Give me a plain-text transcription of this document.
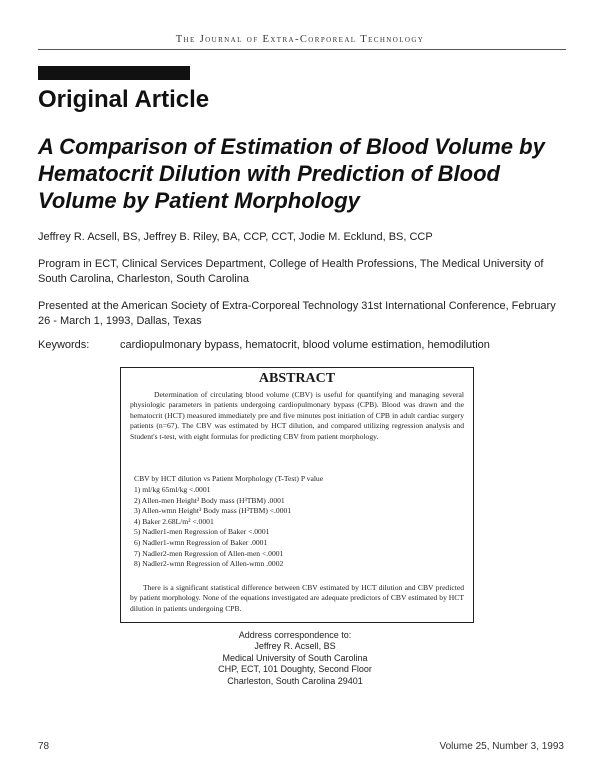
The Journal of Extra-Corporeal Technology
Original Article
A Comparison of Estimation of Blood Volume by Hematocrit Dilution with Prediction of Blood Volume by Patient Morphology
Jeffrey R. Acsell, BS, Jeffrey B. Riley, BA, CCP, CCT, Jodie M. Ecklund, BS, CCP
Program in ECT, Clinical Services Department, College of Health Professions, The Medical University of South Carolina, Charleston, South Carolina
Presented at the American Society of Extra-Corporeal Technology 31st International Conference, February 26 - March 1, 1993, Dallas, Texas
Keywords:	cardiopulmonary bypass, hematocrit, blood volume estimation, hemodilution
ABSTRACT
Determination of circulating blood volume (CBV) is useful for quantifying and managing several physiologic parameters in patients undergoing cardiopulmonary bypass (CPB). Blood was drawn and the hematocrit (HCT) measured immediately pre and five minutes post initiation of CPB in adult cardiac surgery patients (n=67). The CBV was estimated by HCT dilution, and compared utilizing regression analysis and Student's t-test, with eight formulas for predicting CBV from patient morphology.
CBV by HCT dilution vs Patient Morphology (T-Test) P value
1) ml/kg 65ml/kg <.0001
2) Allen-men Height³ Body mass (H³TBM) .0001
3) Allen-wmn Height³ Body mass (H³TBM) <.0001
4) Baker 2.68L/m² <.0001
5) Nadler1-men Regression of Baker <.0001
6) Nadler1-wmn Regression of Baker .0001
7) Nadler2-men Regression of Allen-men <.0001
8) Nadler2-wmn Regression of Allen-wmn .0002
There is a significant statistical difference between CBV estimated by HCT dilution and CBV predicted by patient morphology. None of the equations investigated are adequate predictors of CBV estimated by HCT dilution in patients undergoing CPB.
Address correspondence to:
Jeffrey R. Acsell, BS
Medical University of South Carolina
CHP, ECT, 101 Doughty, Second Floor
Charleston, South Carolina 29401
78	Volume 25, Number 3, 1993
